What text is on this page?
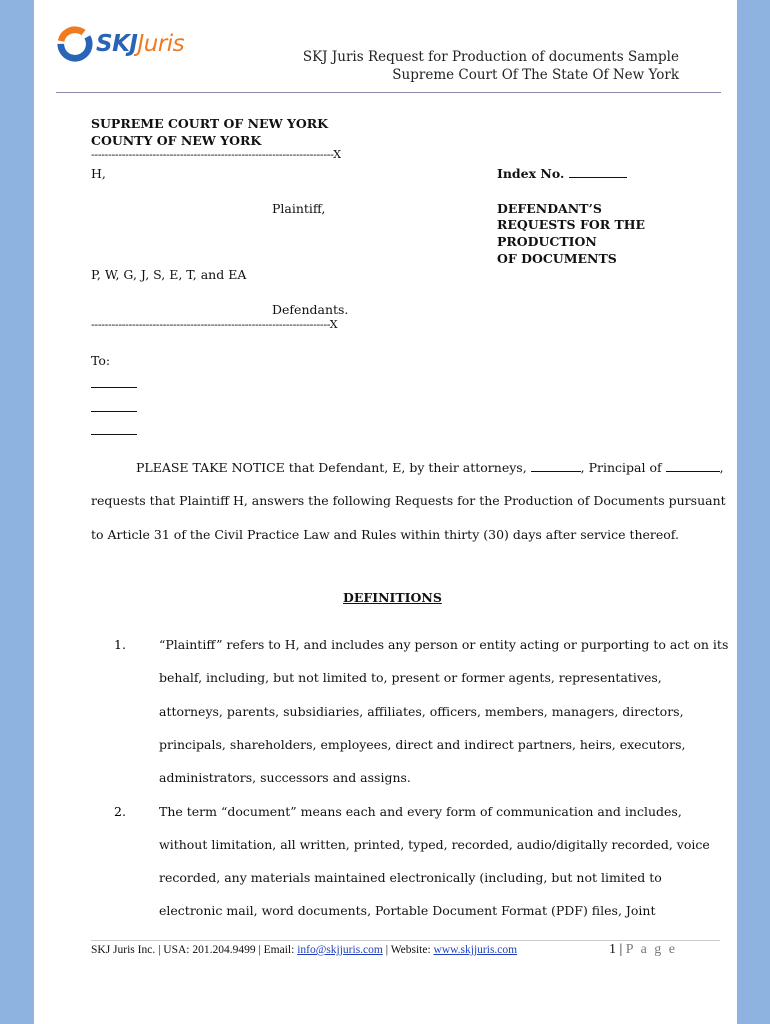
SKJJuris	SKJ Juris Request for Production of documents Sample
Supreme Court Of The State Of New York
SUPREME COURT OF NEW YORK
COUNTY OF NEW YORK
-----------------------------------------------------------------------X
H,	Index No.
Plaintiff,	DEFENDANT’S
REQUESTS FOR THE
PRODUCTION
OF DOCUMENTS
P, W, G, J, S, E, T, and EA
Defendants.
----------------------------------------------------------------------X
To:
PLEASE TAKE NOTICE that Defendant, E, by their attorneys,	, Principal of	,
requests that Plaintiff H, answers the following Requests for the Production of Documents pursuant
to Article 31 of the Civil Practice Law and Rules within thirty (30) days after service thereof.
DEFINITIONS
1.	“Plaintiff” refers to H, and includes any person or entity acting or purporting to act on its
behalf, including, but not limited to, present or former agents, representatives,
attorneys, parents, subsidiaries, affiliates, officers, members, managers, directors,
principals, shareholders, employees, direct and indirect partners, heirs, executors,
administrators, successors and assigns.
2.	The term “document” means each and every form of communication and includes,
without limitation, all written, printed, typed, recorded, audio/digitally recorded, voice
recorded, any materials maintained electronically (including, but not limited to
electronic mail, word documents, Portable Document Format (PDF) files, Joint
SKJ Juris Inc. | USA: 201.204.9499 | Email: info@skjjuris.com | Website: www.skjjuris.com	1 | P a g e
